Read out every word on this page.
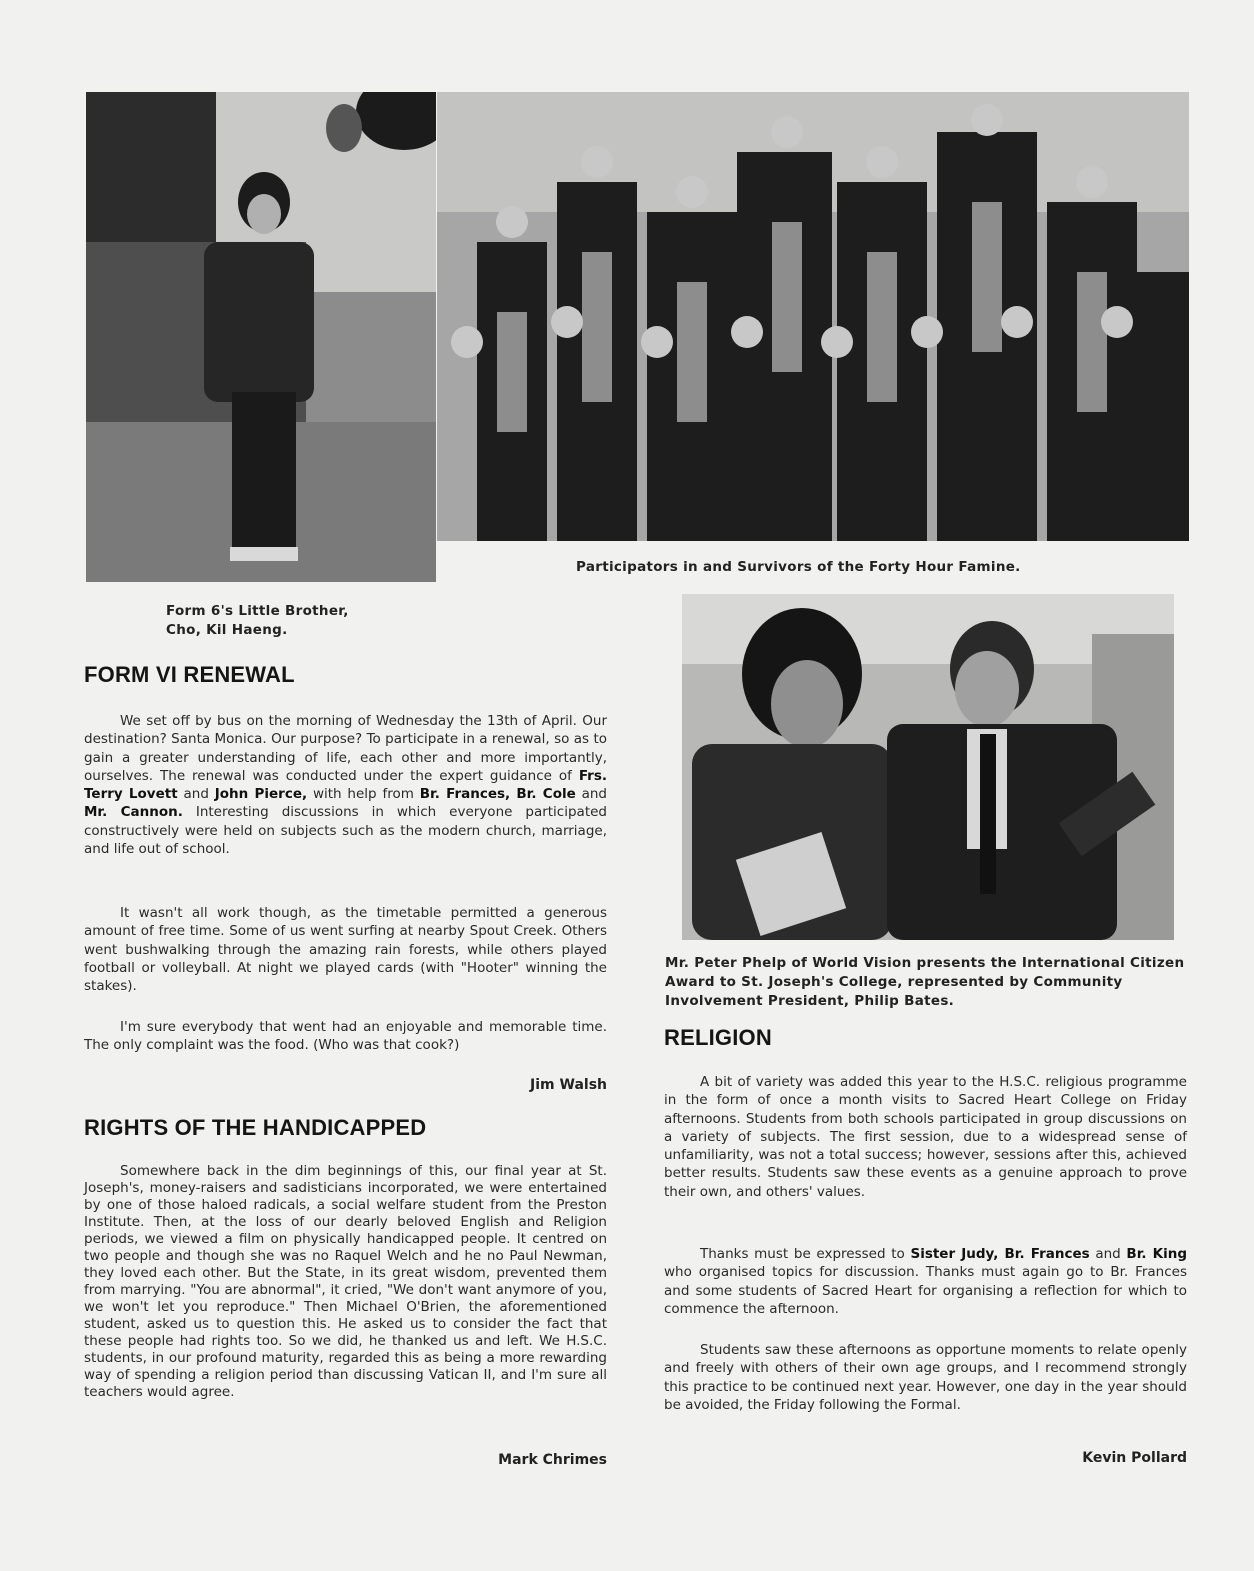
Participators in and Survivors of the Forty Hour Famine.
Form 6's Little Brother,
Cho, Kil Haeng.
Mr. Peter Phelp of World Vision presents the International Citizen Award to St. Joseph's College, represented by Community Involvement President, Philip Bates.
FORM VI RENEWAL

We set off by bus on the morning of Wednesday the 13th of April. Our destination? Santa Monica. Our purpose? To participate in a renewal, so as to gain a greater understanding of life, each other and more importantly, ourselves. The renewal was conducted under the expert guidance of Frs. Terry Lovett and John Pierce, with help from Br. Frances, Br. Cole and Mr. Cannon. Interesting discussions in which everyone participated constructively were held on subjects such as the modern church, marriage, and life out of school.

It wasn't all work though, as the timetable permitted a generous amount of free time. Some of us went surfing at nearby Spout Creek. Others went bushwalking through the amazing rain forests, while others played football or volleyball. At night we played cards (with "Hooter" winning the stakes).

I'm sure everybody that went had an enjoyable and memorable time. The only complaint was the food. (Who was that cook?)

Jim Walsh
RIGHTS OF THE HANDICAPPED

Somewhere back in the dim beginnings of this, our final year at St. Joseph's, money-raisers and sadisticians incorporated, we were entertained by one of those haloed radicals, a social welfare student from the Preston Institute. Then, at the loss of our dearly beloved English and Religion periods, we viewed a film on physically handicapped people. It centred on two people and though she was no Raquel Welch and he no Paul Newman, they loved each other. But the State, in its great wisdom, prevented them from marrying. "You are abnormal", it cried, "We don't want anymore of you, we won't let you reproduce." Then Michael O'Brien, the aforementioned student, asked us to question this. He asked us to consider the fact that these people had rights too. So we did, he thanked us and left. We H.S.C. students, in our profound maturity, regarded this as being a more rewarding way of spending a religion period than discussing Vatican II, and I'm sure all teachers would agree.

Mark Chrimes
RELIGION

A bit of variety was added this year to the H.S.C. religious programme in the form of once a month visits to Sacred Heart College on Friday afternoons. Students from both schools participated in group discussions on a variety of subjects. The first session, due to a widespread sense of unfamiliarity, was not a total success; however, sessions after this, achieved better results. Students saw these events as a genuine approach to prove their own, and others' values.

Thanks must be expressed to Sister Judy, Br. Frances and Br. King who organised topics for discussion. Thanks must again go to Br. Frances and some students of Sacred Heart for organising a reflection for which to commence the afternoon.

Students saw these afternoons as opportune moments to relate openly and freely with others of their own age groups, and I recommend strongly this practice to be continued next year. However, one day in the year should be avoided, the Friday following the Formal.

Kevin Pollard
